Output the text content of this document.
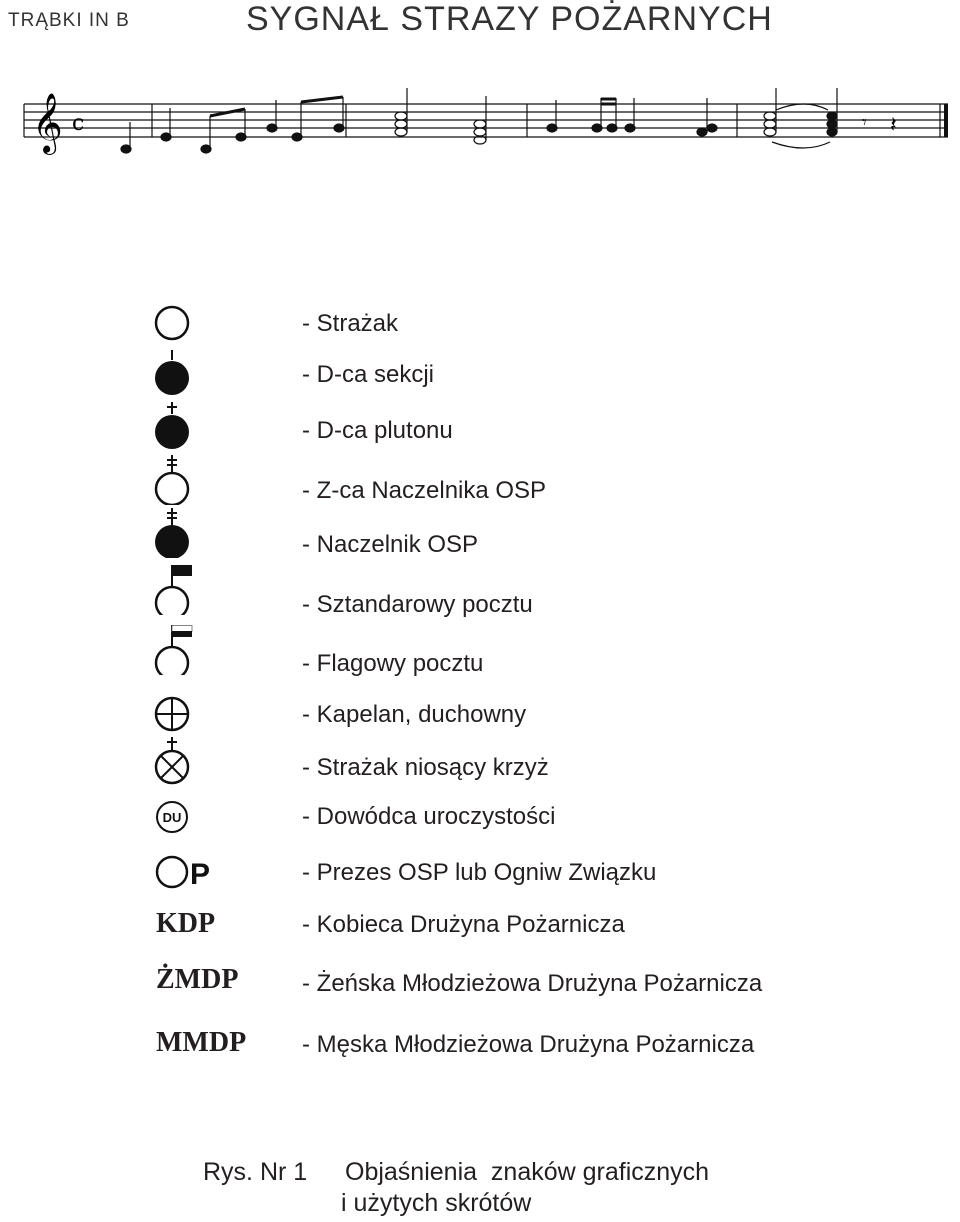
TRĄBKI IN B	SYGNAŁ STRAZY POŻARNYCH
𝄞 c	𝄾 𝄽
DU
P
KDP
ŻMDP
MMDP
- Strażak
- D-ca sekcji
- D-ca plutonu
- Z-ca Naczelnika OSP
- Naczelnik OSP
- Sztandarowy pocztu
- Flagowy pocztu
- Kapelan, duchowny
- Strażak niosący krzyż
- Dowódca uroczystości
- Prezes OSP lub Ogniw Związku
- Kobieca Drużyna Pożarnicza
- Żeńska Młodzieżowa Drużyna Pożarnicza
- Męska Młodzieżowa Drużyna Pożarnicza
Rys. Nr 1 Objaśnienia  znaków graficznych
i użytych skrótów
